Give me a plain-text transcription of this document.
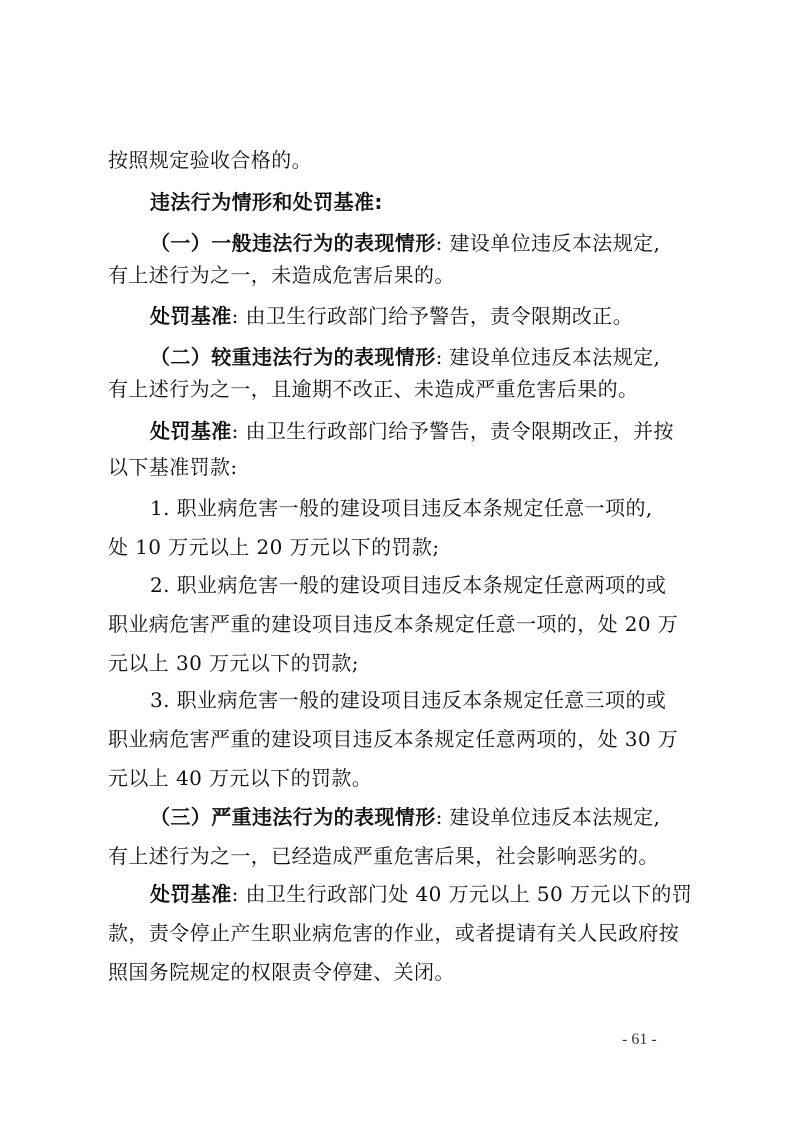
按照规定验收合格的。
违法行为情形和处罚基准:
（一）一般违法行为的表现情形: 建设单位违反本法规定,
有上述行为之一，未造成危害后果的。
处罚基准: 由卫生行政部门给予警告，责令限期改正。
（二）较重违法行为的表现情形: 建设单位违反本法规定,
有上述行为之一，且逾期不改正、未造成严重危害后果的。
处罚基准: 由卫生行政部门给予警告，责令限期改正，并按
以下基准罚款:
1. 职业病危害一般的建设项目违反本条规定任意一项的,
处 10 万元以上 20 万元以下的罚款;
2. 职业病危害一般的建设项目违反本条规定任意两项的或
职业病危害严重的建设项目违反本条规定任意一项的，处 20 万
元以上 30 万元以下的罚款;
3. 职业病危害一般的建设项目违反本条规定任意三项的或
职业病危害严重的建设项目违反本条规定任意两项的，处 30 万
元以上 40 万元以下的罚款。
（三）严重违法行为的表现情形: 建设单位违反本法规定,
有上述行为之一，已经造成严重危害后果，社会影响恶劣的。
处罚基准: 由卫生行政部门处 40 万元以上 50 万元以下的罚
款，责令停止产生职业病危害的作业，或者提请有关人民政府按
照国务院规定的权限责令停建、关闭。
- 61 -
